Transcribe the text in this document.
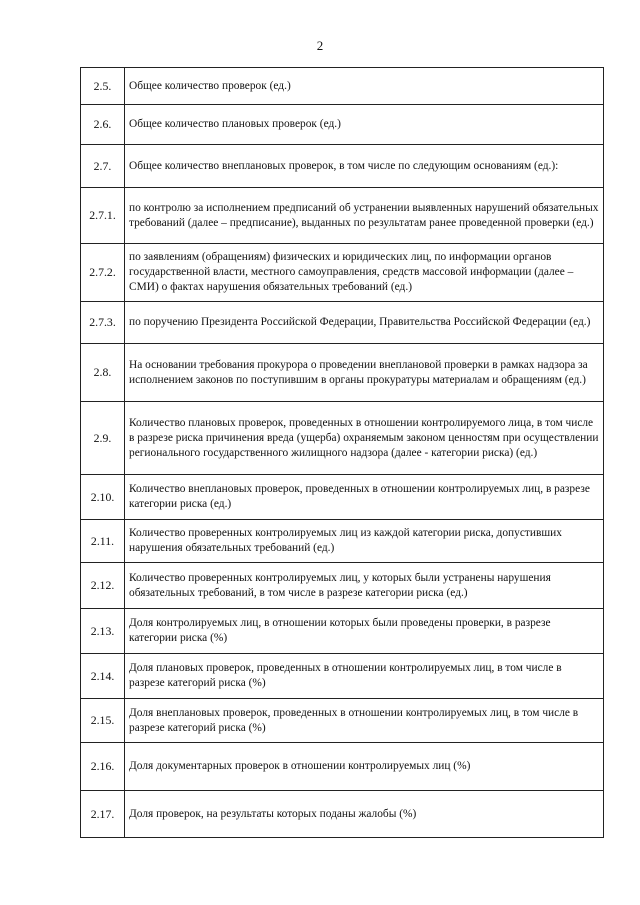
2
2.5.	Общее количество проверок (ед.)
2.6.	Общее количество плановых проверок (ед.)
2.7.	Общее количество внеплановых проверок, в том числе по следующим основаниям (ед.):
2.7.1.	по контролю за исполнением предписаний об устранении выявленных нарушений обязательных требований (далее – предписание), выданных по результатам ранее проведенной проверки (ед.)
2.7.2.	по заявлениям (обращениям) физических и юридических лиц, по информации органов государственной власти, местного самоуправления, средств массовой информации (далее – СМИ) о фактах нарушения обязательных требований (ед.)
2.7.3.	по поручению Президента Российской Федерации, Правительства Российской Федерации (ед.)
2.8.	На основании требования прокурора о проведении внеплановой проверки в рамках надзора за исполнением законов по поступившим в органы прокуратуры материалам и обращениям (ед.)
2.9.	Количество плановых проверок, проведенных в отношении контролируемого лица, в том числе в разрезе риска причинения вреда (ущерба) охраняемым законом ценностям при осуществлении регионального государственного жилищного надзора (далее - категории риска) (ед.)
2.10.	Количество внеплановых проверок, проведенных в отношении контролируемых лиц, в разрезе категории риска (ед.)
2.11.	Количество проверенных контролируемых лиц из каждой категории риска, допустивших нарушения обязательных требований (ед.)
2.12.	Количество проверенных контролируемых лиц, у которых были устранены нарушения обязательных требований, в том числе в разрезе категории риска (ед.)
2.13.	Доля контролируемых лиц, в отношении которых были проведены проверки, в разрезе категории риска (%)
2.14.	Доля плановых проверок, проведенных в отношении контролируемых лиц, в том числе в разрезе категорий риска (%)
2.15.	Доля внеплановых проверок, проведенных в отношении контролируемых лиц, в том числе в разрезе категорий риска (%)
2.16.	Доля документарных проверок в отношении контролируемых лиц (%)
2.17.	Доля проверок, на результаты которых поданы жалобы (%)
